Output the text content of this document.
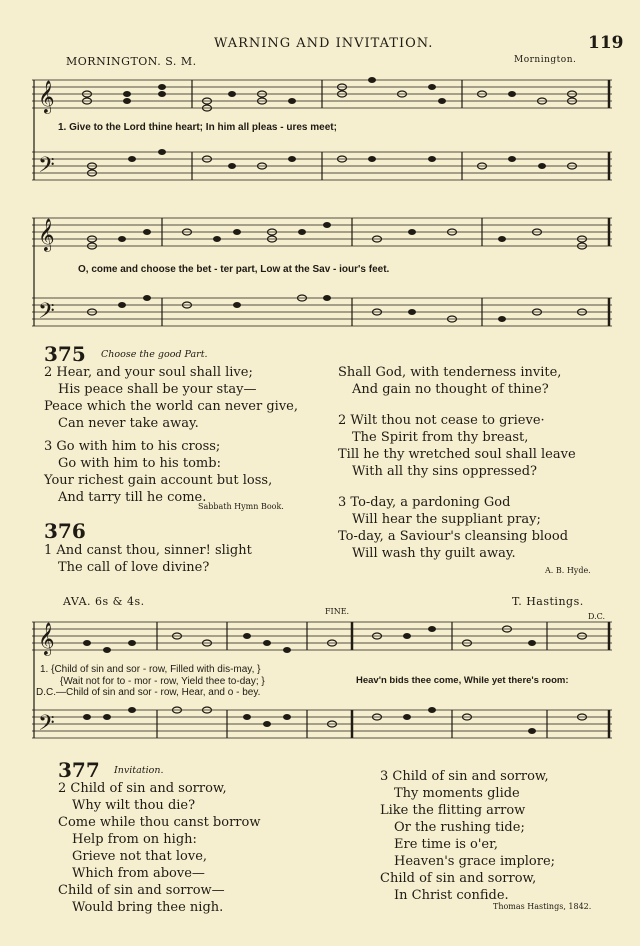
WARNING AND INVITATION.	119
MORNINGTON. S. M.	Mornington.
𝄞
𝄢
1. Give to the Lord thine heart; In him all pleas - ures meet;
𝄞
𝄢
O, come and choose the bet - ter part, Low at the Sav - iour's feet.
375 Choose the good Part.
2 Hear, and your soul shall live;
His peace shall be your stay—
Peace which the world can never give,
Can never take away.
3 Go with him to his cross;
Go with him to his tomb:
Your richest gain account but loss,
And tarry till he come.
Sabbath Hymn Book.
Shall God, with tenderness invite,
And gain no thought of thine?
2 Wilt thou not cease to grieve·
The Spirit from thy breast,
Till he thy wretched soul shall leave
With all thy sins oppressed?
3 To-day, a pardoning God
Will hear the suppliant pray;
To-day, a Saviour's cleansing blood
Will wash thy guilt away.
A. B. Hyde.
376
1 And canst thou, sinner! slight
The call of love divine?
AVA. 6s & 4s.	T. Hastings.
FINE.
D.C.
𝄞
𝄢
1. {Child of sin and sor - row, Filled with dis-may, }
{Wait not for to - mor - row, Yield thee to-day; }
D.C.—Child of sin and sor - row, Hear, and o - bey.
Heav'n bids thee come, While yet there's room:
377 Invitation.
2 Child of sin and sorrow,
Why wilt thou die?
Come while thou canst borrow
Help from on high:
Grieve not that love,
Which from above—
Child of sin and sorrow—
Would bring thee nigh.
3 Child of sin and sorrow,
Thy moments glide
Like the flitting arrow
Or the rushing tide;
Ere time is o'er,
Heaven's grace implore;
Child of sin and sorrow,
In Christ confide.
Thomas Hastings, 1842.
